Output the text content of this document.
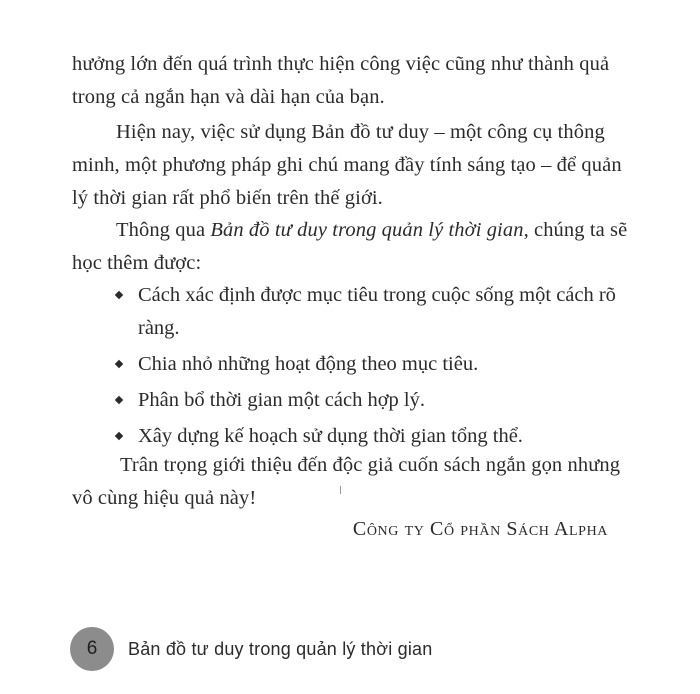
hưởng lớn đến quá trình thực hiện công việc cũng như thành quả trong cả ngắn hạn và dài hạn của bạn.

Hiện nay, việc sử dụng Bản đồ tư duy – một công cụ thông minh, một phương pháp ghi chú mang đầy tính sáng tạo – để quản lý thời gian rất phổ biến trên thế giới.

Thông qua Bản đồ tư duy trong quản lý thời gian, chúng ta sẽ học thêm được:

Cách xác định được mục tiêu trong cuộc sống một cách rõ ràng.
Chia nhỏ những hoạt động theo mục tiêu.
Phân bổ thời gian một cách hợp lý.
Xây dựng kế hoạch sử dụng thời gian tổng thể.

Trân trọng giới thiệu đến độc giả cuốn sách ngắn gọn nhưng vô cùng hiệu quả này!

Công ty Cổ phần Sách Alpha
6	Bản đồ tư duy trong quản lý thời gian
